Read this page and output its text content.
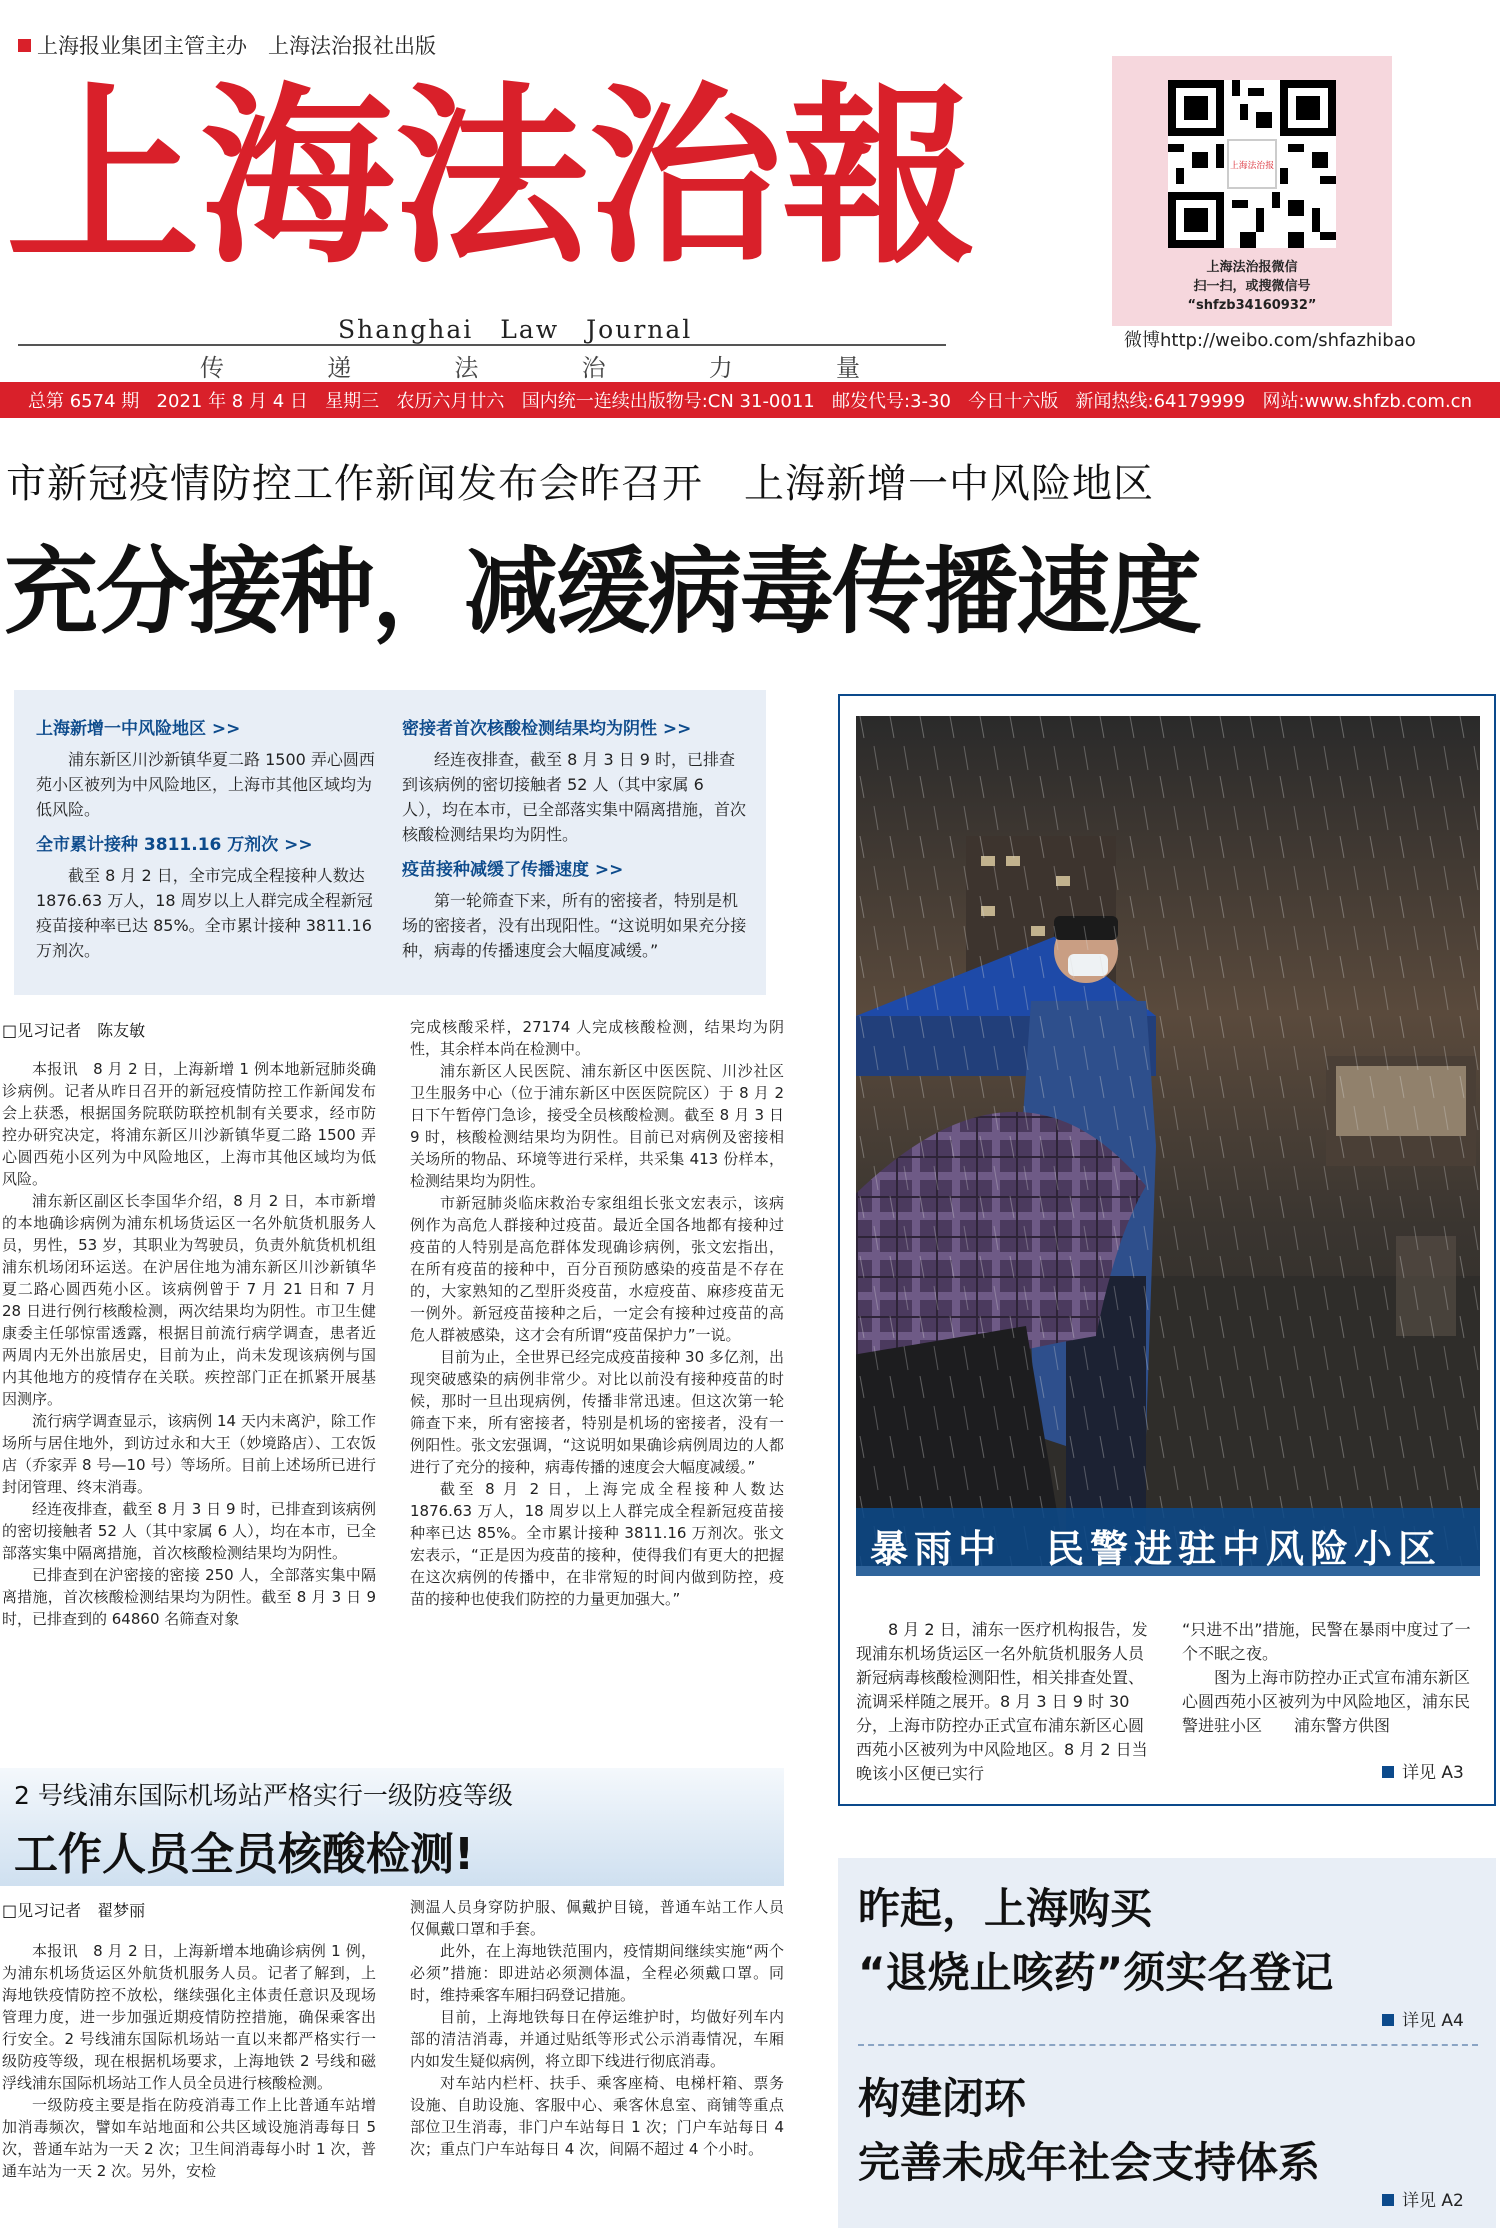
上海报业集团主管主办　上海法治报社出版
上海法治報
Shanghai　Law　Journal
传	递	法	治	力	量
上海法治报
上海法治报微信
扫一扫，或搜微信号
“shfzb34160932”
微博http://weibo.com/shfazhibao
总第 6574 期 2021 年 8 月 4 日 星期三 农历六月廿六 国内统一连续出版物号:CN 31-0011 邮发代号:3-30 今日十六版 新闻热线:64179999 网站:www.shfzb.com.cn
市新冠疫情防控工作新闻发布会昨召开　上海新增一中风险地区
充分接种，减缓病毒传播速度
上海新增一中风险地区 >>
浦东新区川沙新镇华夏二路 1500 弄心圆西苑小区被列为中风险地区，上海市其他区域均为低风险。
全市累计接种 3811.16 万剂次 >>
截至 8 月 2 日，全市完成全程接种人数达 1876.63 万人，18 周岁以上人群完成全程新冠疫苗接种率已达 85%。全市累计接种 3811.16 万剂次。
密接者首次核酸检测结果均为阴性 >>
经连夜排查，截至 8 月 3 日 9 时，已排查到该病例的密切接触者 52 人（其中家属 6 人），均在本市，已全部落实集中隔离措施，首次核酸检测结果均为阴性。
疫苗接种减缓了传播速度 >>
第一轮筛查下来，所有的密接者，特别是机场的密接者，没有出现阳性。“这说明如果充分接种，病毒的传播速度会大幅度减缓。”
□见习记者　陈友敏

本报讯　8 月 2 日，上海新增 1 例本地新冠肺炎确诊病例。记者从昨日召开的新冠疫情防控工作新闻发布会上获悉，根据国务院联防联控机制有关要求，经市防控办研究决定，将浦东新区川沙新镇华夏二路 1500 弄心圆西苑小区列为中风险地区，上海市其他区域均为低风险。

浦东新区副区长李国华介绍，8 月 2 日，本市新增的本地确诊病例为浦东机场货运区一名外航货机服务人员，男性，53 岁，其职业为驾驶员，负责外航货机机组浦东机场闭环运送。在沪居住地为浦东新区川沙新镇华夏二路心圆西苑小区。该病例曾于 7 月 21 日和 7 月 28 日进行例行核酸检测，两次结果均为阴性。市卫生健康委主任邬惊雷透露，根据目前流行病学调查，患者近两周内无外出旅居史，目前为止，尚未发现该病例与国内其他地方的疫情存在关联。疾控部门正在抓紧开展基因测序。

流行病学调查显示，该病例 14 天内未离沪，除工作场所与居住地外，到访过永和大王（妙境路店）、工农饭店（乔家弄 8 号—10 号）等场所。目前上述场所已进行封闭管理、终末消毒。

经连夜排查，截至 8 月 3 日 9 时，已排查到该病例的密切接触者 52 人（其中家属 6 人），均在本市，已全部落实集中隔离措施，首次核酸检测结果均为阴性。

已排查到在沪密接的密接 250 人，全部落实集中隔离措施，首次核酸检测结果均为阴性。截至 8 月 3 日 9 时，已排查到的 64860 名筛查对象

完成核酸采样，27174 人完成核酸检测，结果均为阴性，其余样本尚在检测中。

浦东新区人民医院、浦东新区中医医院、川沙社区卫生服务中心（位于浦东新区中医医院院区）于 8 月 2 日下午暂停门急诊，接受全员核酸检测。截至 8 月 3 日 9 时，核酸检测结果均为阴性。目前已对病例及密接相关场所的物品、环境等进行采样，共采集 413 份样本，检测结果均为阴性。

市新冠肺炎临床救治专家组组长张文宏表示，该病例作为高危人群接种过疫苗。最近全国各地都有接种过疫苗的人特别是高危群体发现确诊病例，张文宏指出，在所有疫苗的接种中，百分百预防感染的疫苗是不存在的，大家熟知的乙型肝炎疫苗，水痘疫苗、麻疹疫苗无一例外。新冠疫苗接种之后，一定会有接种过疫苗的高危人群被感染，这才会有所谓“疫苗保护力”一说。

目前为止，全世界已经完成疫苗接种 30 多亿剂，出现突破感染的病例非常少。对比以前没有接种疫苗的时候，那时一旦出现病例，传播非常迅速。但这次第一轮筛查下来，所有密接者，特别是机场的密接者，没有一例阳性。张文宏强调，“这说明如果确诊病例周边的人都进行了充分的接种，病毒传播的速度会大幅度减缓。”

截至 8 月 2 日，上海完成全程接种人数达 1876.63 万人，18 周岁以上人群完成全程新冠疫苗接种率已达 85%。全市累计接种 3811.16 万剂次。张文宏表示，“正是因为疫苗的接种，使得我们有更大的把握在这次病例的传播中，在非常短的时间内做到防控，疫苗的接种也使我们防控的力量更加强大。”

暴雨中　民警进驻中风险小区
8 月 2 日，浦东一医疗机构报告，发现浦东机场货运区一名外航货机服务人员新冠病毒核酸检测阳性，相关排查处置、流调采样随之展开。8 月 3 日 9 时 30 分，上海市防控办正式宣布浦东新区心圆西苑小区被列为中风险地区。8 月 2 日当晚该小区便已实行
“只进不出”措施，民警在暴雨中度过了一个不眠之夜。
图为上海市防控办正式宣布浦东新区心圆西苑小区被列为中风险地区，浦东民警进驻小区　　浦东警方供图
详见 A3
2 号线浦东国际机场站严格实行一级防疫等级
工作人员全员核酸检测!
□见习记者　翟梦丽

本报讯　8 月 2 日，上海新增本地确诊病例 1 例，为浦东机场货运区外航货机服务人员。记者了解到，上海地铁疫情防控不放松，继续强化主体责任意识及现场管理力度，进一步加强近期疫情防控措施，确保乘客出行安全。2 号线浦东国际机场站一直以来都严格实行一级防疫等级，现在根据机场要求，上海地铁 2 号线和磁浮线浦东国际机场站工作人员全员进行核酸检测。

一级防疫主要是指在防疫消毒工作上比普通车站增加消毒频次，譬如车站地面和公共区域设施消毒每日 5 次，普通车站为一天 2 次；卫生间消毒每小时 1 次，普通车站为一天 2 次。另外，安检

测温人员身穿防护服、佩戴护目镜，普通车站工作人员仅佩戴口罩和手套。

此外，在上海地铁范围内，疫情期间继续实施“两个必须”措施：即进站必须测体温，全程必须戴口罩。同时，维持乘客车厢扫码登记措施。

目前，上海地铁每日在停运维护时，均做好列车内部的清洁消毒，并通过贴纸等形式公示消毒情况，车厢内如发生疑似病例，将立即下线进行彻底消毒。

对车站内栏杆、扶手、乘客座椅、电梯杆箱、票务设施、自助设施、客服中心、乘客休息室、商铺等重点部位卫生消毒，非门户车站每日 1 次；门户车站每日 4 次；重点门户车站每日 4 次，间隔不超过 4 个小时。

昨起，上海购买
“退烧止咳药”须实名登记
详见 A4
构建闭环
完善未成年社会支持体系
详见 A2
